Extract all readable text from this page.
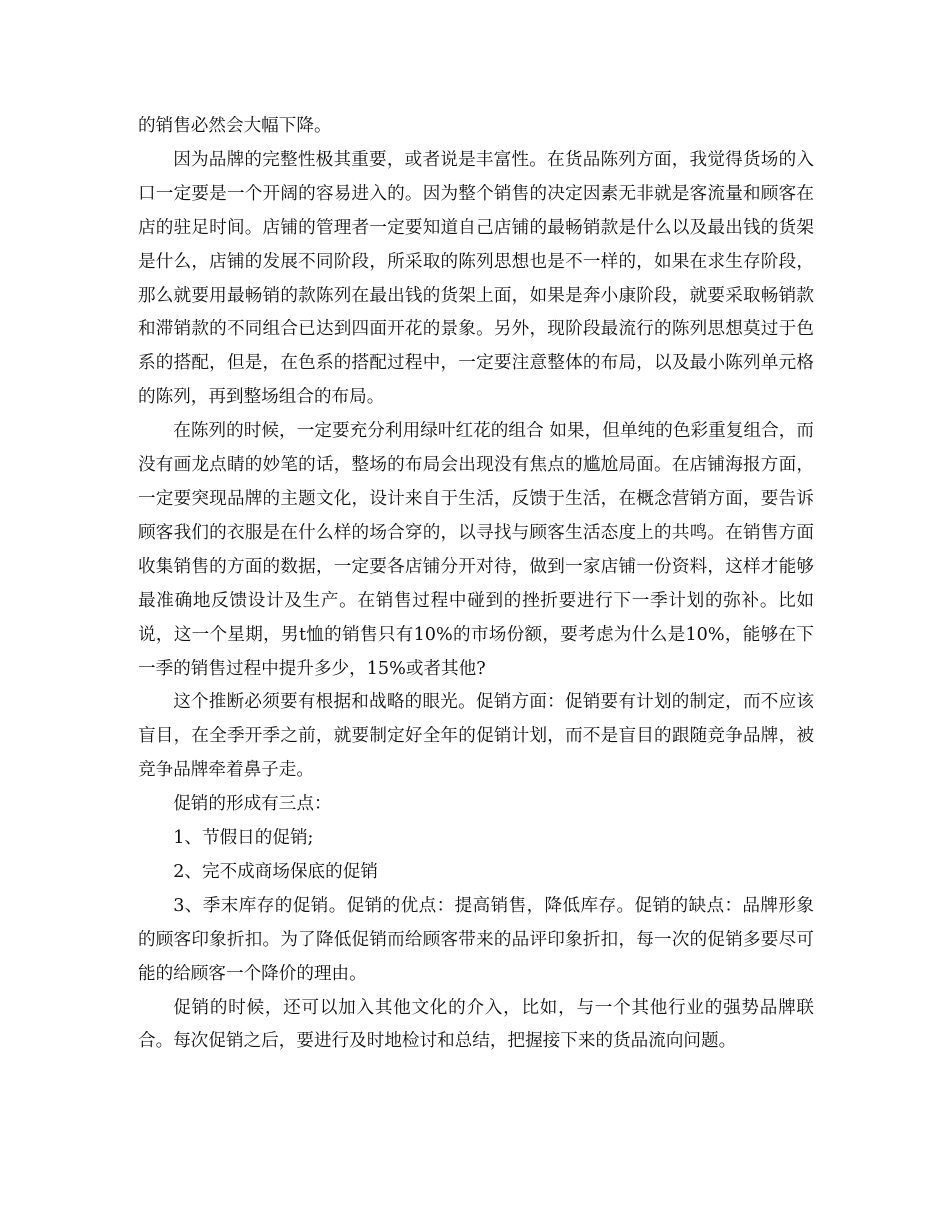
的销售必然会大幅下降。

因为品牌的完整性极其重要，或者说是丰富性。在货品陈列方面，我觉得货场的入口一定要是一个开阔的容易进入的。因为整个销售的决定因素无非就是客流量和顾客在店的驻足时间。店铺的管理者一定要知道自己店铺的最畅销款是什么以及最出钱的货架是什么，店铺的发展不同阶段，所采取的陈列思想也是不一样的，如果在求生存阶段，那么就要用最畅销的款陈列在最出钱的货架上面，如果是奔小康阶段，就要采取畅销款和滞销款的不同组合已达到四面开花的景象。另外，现阶段最流行的陈列思想莫过于色系的搭配，但是，在色系的搭配过程中，一定要注意整体的布局，以及最小陈列单元格的陈列，再到整场组合的布局。

在陈列的时候，一定要充分利用绿叶红花的组合 如果，但单纯的色彩重复组合，而没有画龙点睛的妙笔的话，整场的布局会出现没有焦点的尴尬局面。在店铺海报方面，一定要突现品牌的主题文化，设计来自于生活，反馈于生活，在概念营销方面，要告诉顾客我们的衣服是在什么样的场合穿的，以寻找与顾客生活态度上的共鸣。在销售方面收集销售的方面的数据，一定要各店铺分开对待，做到一家店铺一份资料，这样才能够最准确地反馈设计及生产。在销售过程中碰到的挫折要进行下一季计划的弥补。比如说，这一个星期，男t恤的销售只有10%的市场份额，要考虑为什么是10%，能够在下一季的销售过程中提升多少，15%或者其他?

这个推断必须要有根据和战略的眼光。促销方面：促销要有计划的制定，而不应该盲目，在全季开季之前，就要制定好全年的促销计划，而不是盲目的跟随竞争品牌，被竞争品牌牵着鼻子走。

促销的形成有三点：

1、节假日的促销;

2、完不成商场保底的促销

3、季末库存的促销。促销的优点：提高销售，降低库存。促销的缺点：品牌形象的顾客印象折扣。为了降低促销而给顾客带来的品评印象折扣，每一次的促销多要尽可能的给顾客一个降价的理由。

促销的时候，还可以加入其他文化的介入，比如，与一个其他行业的强势品牌联合。每次促销之后，要进行及时地检讨和总结，把握接下来的货品流向问题。
